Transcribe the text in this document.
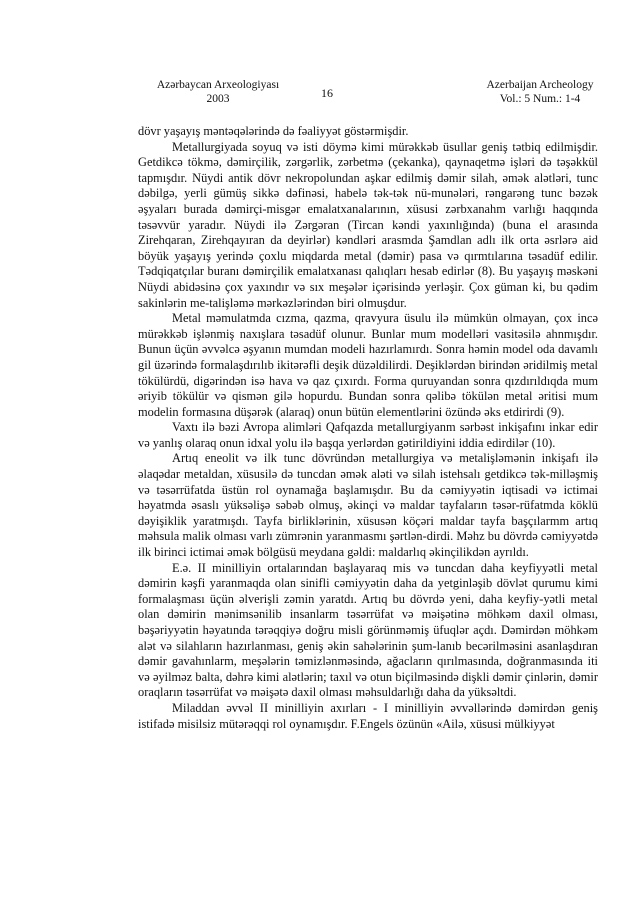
Azərbaycan Arxeologiyası
2003	16
Azerbaijan Archeology
Vol.: 5 Num.: 1-4

dövr yaşayış məntəqələrində də fəaliyyət göstərmişdir.

Metallurgiyada soyuq və isti döymə kimi mürəkkəb üsullar geniş tətbiq edilmişdir. Getdikcə tökmə, dəmirçilik, zərgərlik, zərbetmə (çekanka), qaynaqetmə işləri də təşəkkül tapmışdır. Nüydi antik dövr nekropolundan aşkar edilmiş dəmir silah, əmək alətləri, tunc dəbilgə, yerli gümüş sikkə dəfinəsi, habelə tək-tək nü-munələri, rəngarəng tunc bəzək əşyaları burada dəmirçi-misgər emalatxanalarının, xüsusi zərbxanahm varlığı haqqında təsəvvür yaradır. Nüydi ilə Zərgəran (Tircan kəndi yaxınlığında) (buna el arasında Zirehqaran, Zirehqayıran da deyirlər) kəndləri arasmda Şamdlan adlı ilk orta əsrlərə aid böyük yaşayış yerində çoxlu miqdarda metal (dəmir) pasa və qırmtılarına təsadüf edilir. Tədqiqatçılar buranı dəmirçilik emalatxanası qalıqları hesab edirlər (8). Bu yaşayış məskəni Nüydi abidəsinə çox yaxındır və sıx meşələr içərisində yerləşir. Çox güman ki, bu qədim sakinlərin me-talişləmə mərkəzlərindən biri olmuşdur.

Metal məmulatmda cızma, qazma, qravyura üsulu ilə mümkün olmayan, çox incə mürəkkəb işlənmiş naxışlara təsadüf olunur. Bunlar mum modelləri vasitəsilə ahnmışdır. Bunun üçün əvvəlcə əşyanın mumdan modeli hazırlamırdı. Sonra həmin model oda davamlı gil üzərində formalaşdırılıb ikitərəfli deşik düzəldilirdi. Deşiklərdən birindən əridilmiş metal tökülürdü, digərindən isə hava və qaz çıxırdı. Forma quruyandan sonra qızdırıldıqda mum əriyib tökülür və qismən gilə hopurdu. Bundan sonra qəlibə tökülən metal əritisi mum modelin formasına düşərək (alaraq) onun bütün elementlərini özündə əks etdirirdi (9).

Vaxtı ilə bəzi Avropa alimləri Qafqazda metallurgiyanm sərbəst inkişafını inkar edir və yanlış olaraq onun idxal yolu ilə başqa yerlərdən gətirildiyini iddia edirdilər (10).

Artıq eneolit və ilk tunc dövründən metallurgiya və metalişləmənin inkişafı ilə əlaqədar metaldan, xüsusilə də tuncdan əmək aləti və silah istehsalı getdikcə tək-milləşmiş və təsərrüfatda üstün rol oynamağa başlamışdır. Bu da cəmiyyətin iqtisadi və ictimai həyatmda əsaslı yüksəlişə səbəb olmuş, əkinçi və maldar tayfaların təsər-rüfatmda köklü dəyişiklik yaratmışdı. Tayfa birliklərinin, xüsusən köçəri maldar tayfa başçılarmm artıq məhsula malik olması varlı zümrənin yaranmasmı şərtlən-dirdi. Məhz bu dövrdə cəmiyyətdə ilk birinci ictimai əmək bölgüsü meydana gəldi: maldarlıq əkinçilikdən ayrıldı.

E.ə. II minilliyin ortalarından başlayaraq mis və tuncdan daha keyfiyyətli metal dəmirin kəşfi yaranmaqda olan sinifli cəmiyyətin daha da yetginləşib dövlət qurumu kimi formalaşması üçün əlverişli zəmin yaratdı. Artıq bu dövrdə yeni, daha keyfiy-yətli metal olan dəmirin mənimsənilib insanlarm təsərrüfat və məişətinə möhkəm daxil olması, bəşəriyyətin həyatında tərəqqiyə doğru misli görünməmiş üfuqlər açdı. Dəmirdən möhkəm alət və silahların hazırlanması, geniş əkin sahələrinin şum-lanıb becərilməsini asanlaşdıran dəmir gavahınlarm, meşələrin təmizlənməsində, ağacların qırılmasında, doğranmasında iti və əyilməz balta, dəhrə kimi alətlərin; taxıl və otun biçilməsində dişkli dəmir çinlərin, dəmir oraqların təsərrüfat və məişətə daxil olması məhsuldarlığı daha da yüksəltdi.

Miladdan əvvəl II minilliyin axırları - I minilliyin əvvəllərində dəmirdən geniş istifadə misilsiz mütərəqqi rol oynamışdır. F.Engels özünün «Ailə, xüsusi mülkiyyət
